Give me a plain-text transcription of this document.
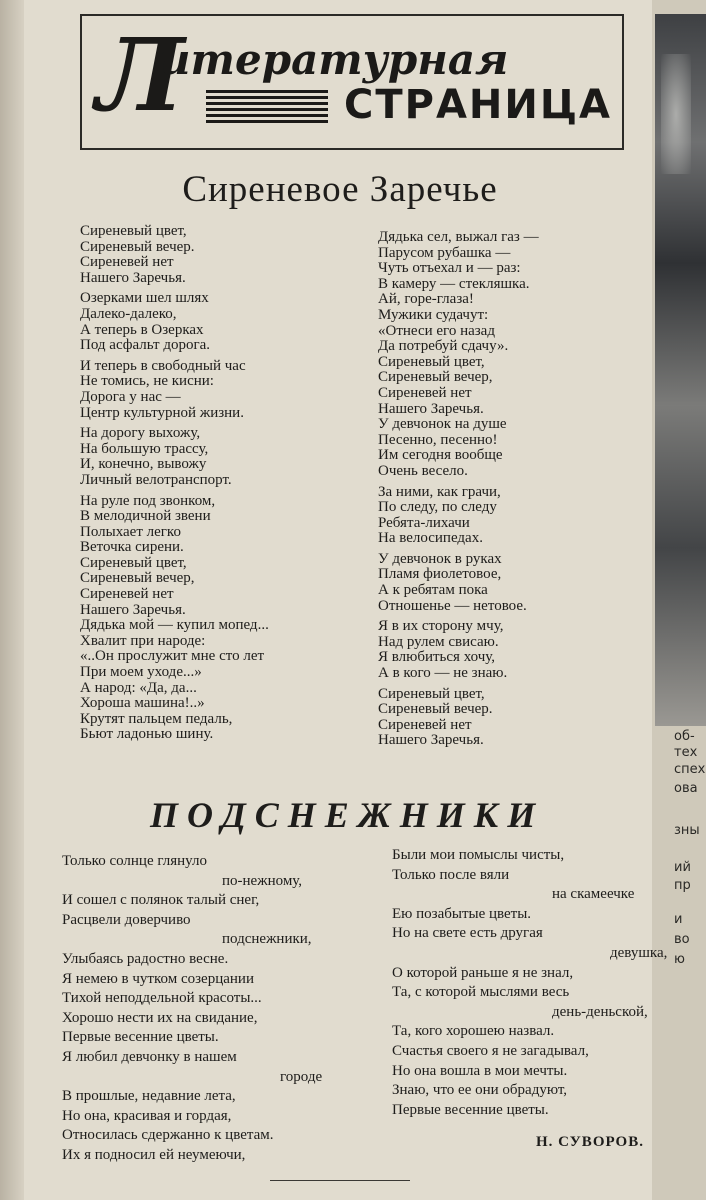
об-
тех
спех
ова
зны
ий
пр
и
во
ю
Л
итературная
СТРАНИЦА
Сиреневое Заречье
Сиреневый цвет,
Сиреневый вечер.
Сиреневей нет
Нашего Заречья.
Озерками шел шлях
Далеко-далеко,
А теперь в Озерках
Под асфальт дорога.
И теперь в свободный час
Не томись, не кисни:
Дорога у нас —
Центр культурной жизни.
На дорогу выхожу,
На большую трассу,
И, конечно, вывожу
Личный велотранспорт.
На руле под звонком,
В мелодичной звени
Полыхает легко
Веточка сирени.
Сиреневый цвет,
Сиреневый вечер,
Сиреневей нет
Нашего Заречья.
Дядька мой — купил мопед...
Хвалит при народе:
«..Он прослужит мне сто лет
При моем уходе...»
А народ: «Да, да...
Хороша машина!..»
Крутят пальцем педаль,
Бьют ладонью шину.
Дядька сел, выжал газ —
Парусом рубашка —
Чуть отъехал и — раз:
В камеру — стекляшка.
Ай, горе-глаза!
Мужики судачут:
«Отнеси его назад
Да потребуй сдачу».
Сиреневый цвет,
Сиреневый вечер,
Сиреневей нет
Нашего Заречья.
У девчонок на душе
Песенно, песенно!
Им сегодня вообще
Очень весело.
За ними, как грачи,
По следу, по следу
Ребята-лихачи
На велосипедах.
У девчонок в руках
Пламя фиолетовое,
А к ребятам пока
Отношенье — нетовое.
Я в их сторону мчу,
Над рулем свисаю.
Я влюбиться хочу,
А в кого — не знаю.
Сиреневый цвет,
Сиреневый вечер.
Сиреневей нет
Нашего Заречья.
ПОДСНЕЖНИКИ
Только солнце глянуло
по-нежному,
И сошел с полянок талый снег,
Расцвели доверчиво
подснежники,
Улыбаясь радостно весне.
Я немею в чутком созерцании
Тихой неподдельной красоты...
Хорошо нести их на свидание,
Первые весенние цветы.
Я любил девчонку в нашем
городе
В прошлые, недавние лета,
Но она, красивая и гордая,
Относилась сдержанно к цветам.
Их я подносил ей неумеючи,
Были мои помыслы чисты,
Только после вяли
на скамеечке
Ею позабытые цветы.
Но на свете есть другая
девушка,
О которой раньше я не знал,
Та, с которой мыслями весь
день-деньской,
Та, кого хорошею назвал.
Счастья своего я не загадывал,
Но она вошла в мои мечты.
Знаю, что ее они обрадуют,
Первые весенние цветы.
Н. СУВОРОВ.
